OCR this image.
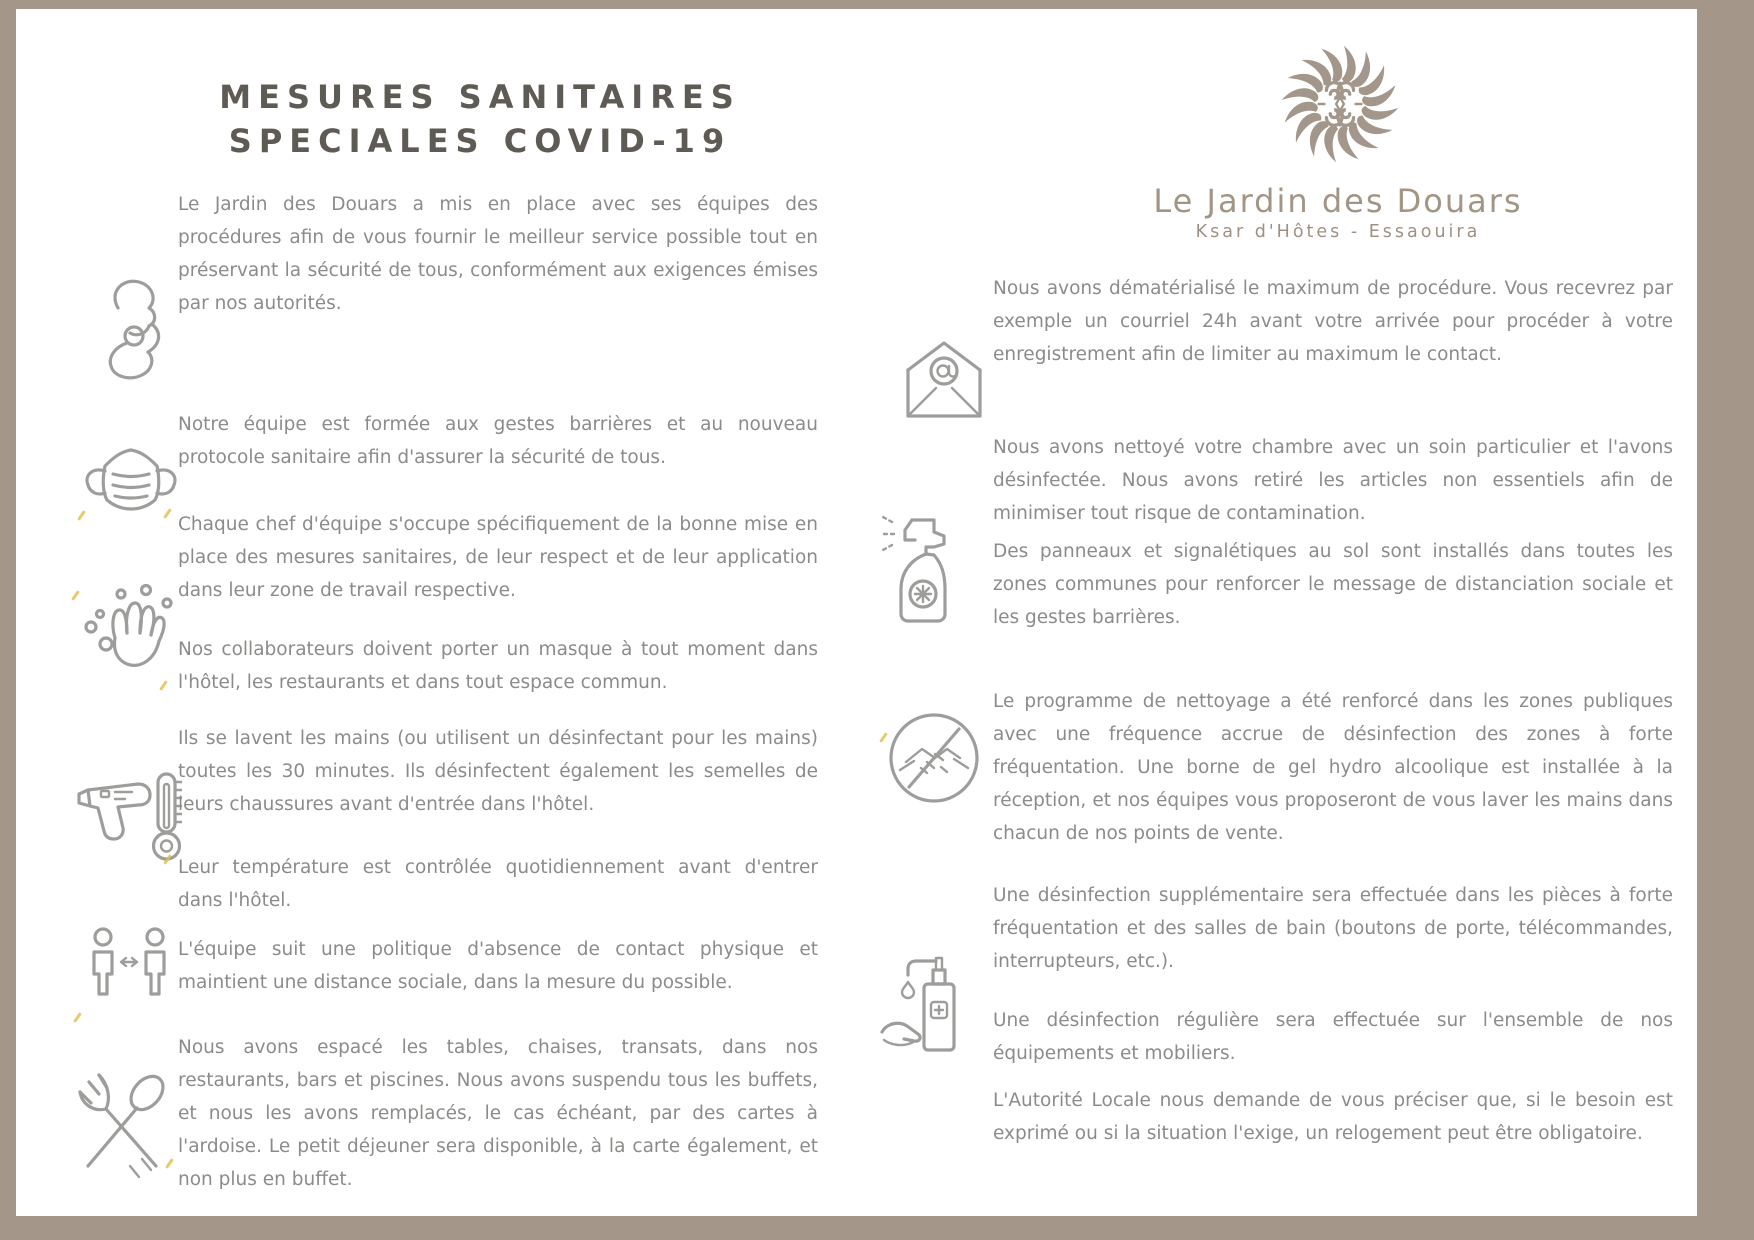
MESURES SANITAIRES
SPECIALES COVID-19

Le Jardin des Douars a mis en place avec ses équipes des procédures afin de vous fournir le meilleur service possible tout en préservant la sécurité de tous, conformément aux exigences émises par nos autorités.

Notre équipe est formée aux gestes barrières et au nouveau protocole sanitaire afin d'assurer la sécurité de tous.

Chaque chef d'équipe s'occupe spécifiquement de la bonne mise en place des mesures sanitaires, de leur respect et de leur application dans leur zone de travail respective.

Nos collaborateurs doivent porter un masque à tout moment dans l'hôtel, les restaurants et dans tout espace commun.

Ils se lavent les mains (ou utilisent un désinfectant pour les mains) toutes les 30 minutes. Ils désinfectent également les semelles de leurs chaussures avant d'entrée dans l'hôtel.

Leur température est contrôlée quotidiennement avant d'entrer dans l'hôtel.

L'équipe suit une politique d'absence de contact physique et maintient une distance sociale, dans la mesure du possible.

Nous avons espacé les tables, chaises, transats, dans nos restaurants, bars et piscines. Nous avons suspendu tous les buffets, et nous les avons remplacés, le cas échéant, par des cartes à l'ardoise. Le petit déjeuner sera disponible, à la carte également, et non plus en buffet.

Le Jardin des Douars
Ksar d'Hôtes - Essaouira

Nous avons dématérialisé le maximum de procédure. Vous recevrez par exemple un courriel 24h avant votre arrivée pour procéder à votre enregistrement afin de limiter au maximum le contact.

Nous avons nettoyé votre chambre avec un soin particulier et l'avons désinfectée. Nous avons retiré les articles non essentiels afin de minimiser tout risque de contamination.

Des panneaux et signalétiques au sol sont installés dans toutes les zones communes pour renforcer le message de distanciation sociale et les gestes barrières.

Le programme de nettoyage a été renforcé dans les zones publiques avec une fréquence accrue de désinfection des zones à forte fréquentation. Une borne de gel hydro alcoolique est installée à la réception, et nos équipes vous proposeront de vous laver les mains dans chacun de nos points de vente.

Une désinfection supplémentaire sera effectuée dans les pièces à forte fréquentation et des salles de bain (boutons de porte, télécommandes, interrupteurs, etc.).

Une désinfection régulière sera effectuée sur l'ensemble de nos équipements et mobiliers.

L'Autorité Locale nous demande de vous préciser que, si le besoin est exprimé ou si la situation l'exige, un relogement peut être obligatoire.
